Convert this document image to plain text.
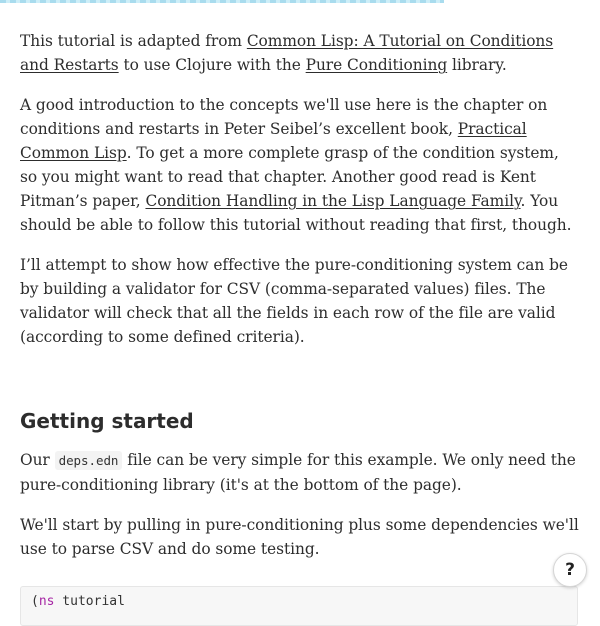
This tutorial is adapted from Common Lisp: A Tutorial on Conditions and Restarts to use Clojure with the Pure Conditioning library.

A good introduction to the concepts we'll use here is the chapter on conditions and restarts in Peter Seibel’s excellent book, Practical Common Lisp. To get a more complete grasp of the condition system, so you might want to read that chapter. Another good read is Kent Pitman’s paper, Condition Handling in the Lisp Language Family. You should be able to follow this tutorial without reading that first, though.

I’ll attempt to show how effective the pure-conditioning system can be by building a validator for CSV (comma-separated values) files. The validator will check that all the fields in each row of the file are valid (according to some defined criteria).

Getting started

Our deps.edn file can be very simple for this example. We only need the pure-conditioning library (it's at the bottom of the page).

We'll start by pulling in pure-conditioning plus some dependencies we'll use to parse CSV and do some testing.

(ns tutorial
?
